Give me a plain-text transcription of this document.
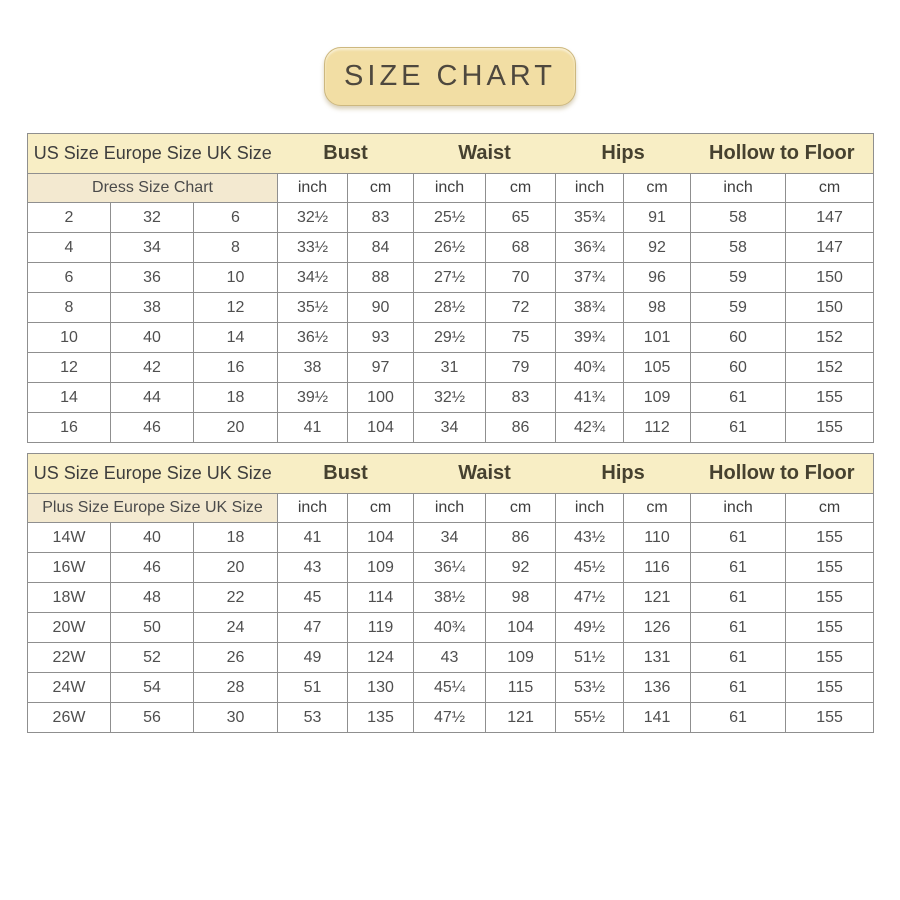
SIZE CHART
US Size Europe Size UK Size			Bust		Waist		Hips		Hollow to Floor	
Dress Size Chart			inch	cm	inch	cm	inch	cm	inch	cm
2	32	6	32½	83	25½	65	35¾	91	58	147
4	34	8	33½	84	26½	68	36¾	92	58	147
6	36	10	34½	88	27½	70	37¾	96	59	150
8	38	12	35½	90	28½	72	38¾	98	59	150
10	40	14	36½	93	29½	75	39¾	101	60	152
12	42	16	38	97	31	79	40¾	105	60	152
14	44	18	39½	100	32½	83	41¾	109	61	155
16	46	20	41	104	34	86	42¾	112	61	155
US Size Europe Size UK Size			Bust		Waist		Hips		Hollow to Floor	
Plus Size Europe Size UK Size			inch	cm	inch	cm	inch	cm	inch	cm
14W	40	18	41	104	34	86	43½	110	61	155
16W	46	20	43	109	36¼	92	45½	116	61	155
18W	48	22	45	114	38½	98	47½	121	61	155
20W	50	24	47	119	40¾	104	49½	126	61	155
22W	52	26	49	124	43	109	51½	131	61	155
24W	54	28	51	130	45¼	115	53½	136	61	155
26W	56	30	53	135	47½	121	55½	141	61	155
